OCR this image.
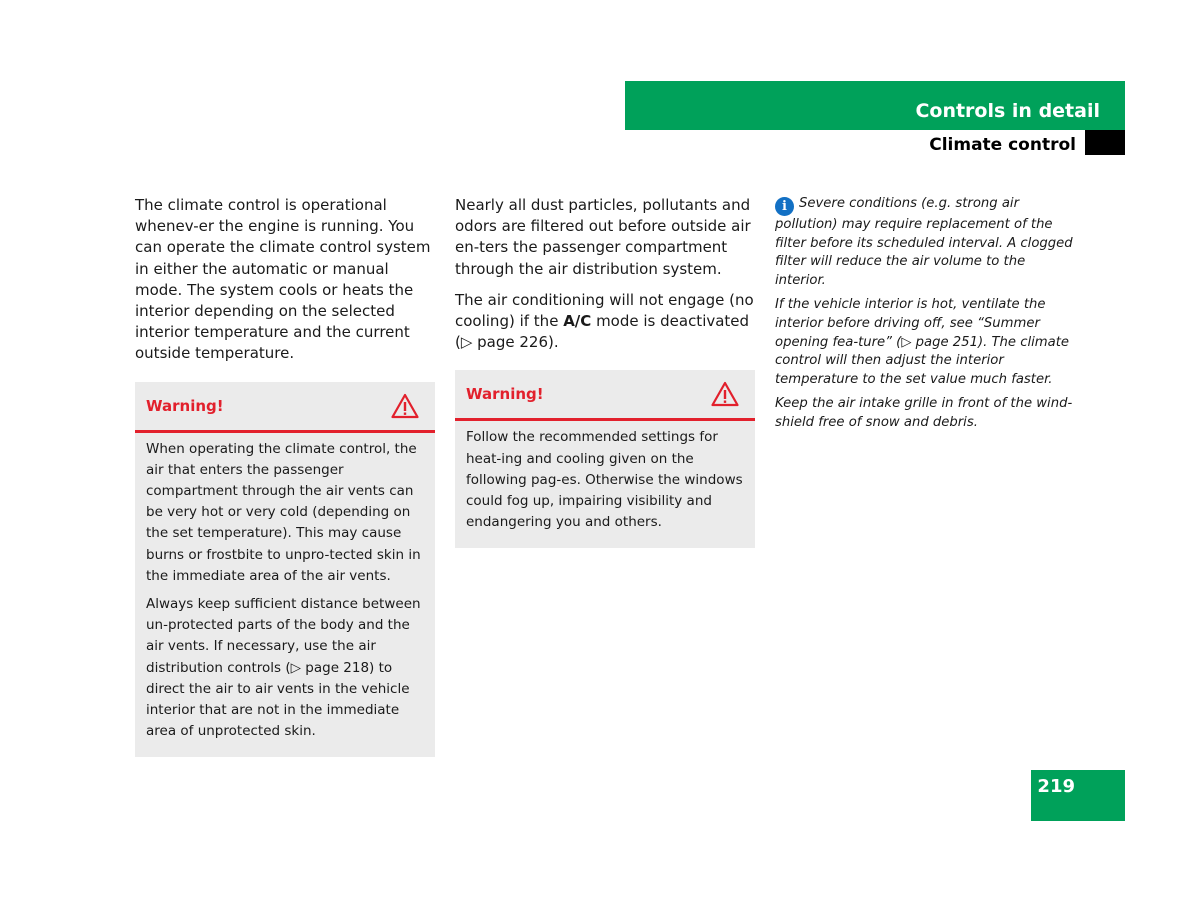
Controls in detail
Climate control

The climate control is operational whenev-er the engine is running. You can operate the climate control system in either the automatic or manual mode. The system cools or heats the interior depending on the selected interior temperature and the current outside temperature.

Warning!

When operating the climate control, the air that enters the passenger compartment through the air vents can be very hot or very cold (depending on the set temperature). This may cause burns or frostbite to unpro-tected skin in the immediate area of the air vents.

Always keep sufficient distance between un-protected parts of the body and the air vents. If necessary, use the air distribution controls (▷ page 218) to direct the air to air vents in the vehicle interior that are not in the immediate area of unprotected skin.

Nearly all dust particles, pollutants and odors are filtered out before outside air en-ters the passenger compartment through the air distribution system.

The air conditioning will not engage (no cooling) if the A/C mode is deactivated (▷ page 226).

Warning!

Follow the recommended settings for heat-ing and cooling given on the following pag-es. Otherwise the windows could fog up, impairing visibility and endangering you and others.

i Severe conditions (e.g. strong air pollution) may require replacement of the filter before its scheduled interval. A clogged filter will reduce the air volume to the interior.

If the vehicle interior is hot, ventilate the interior before driving off, see “Summer opening fea-ture” (▷ page 251). The climate control will then adjust the interior temperature to the set value much faster.

Keep the air intake grille in front of the wind-shield free of snow and debris.

219
